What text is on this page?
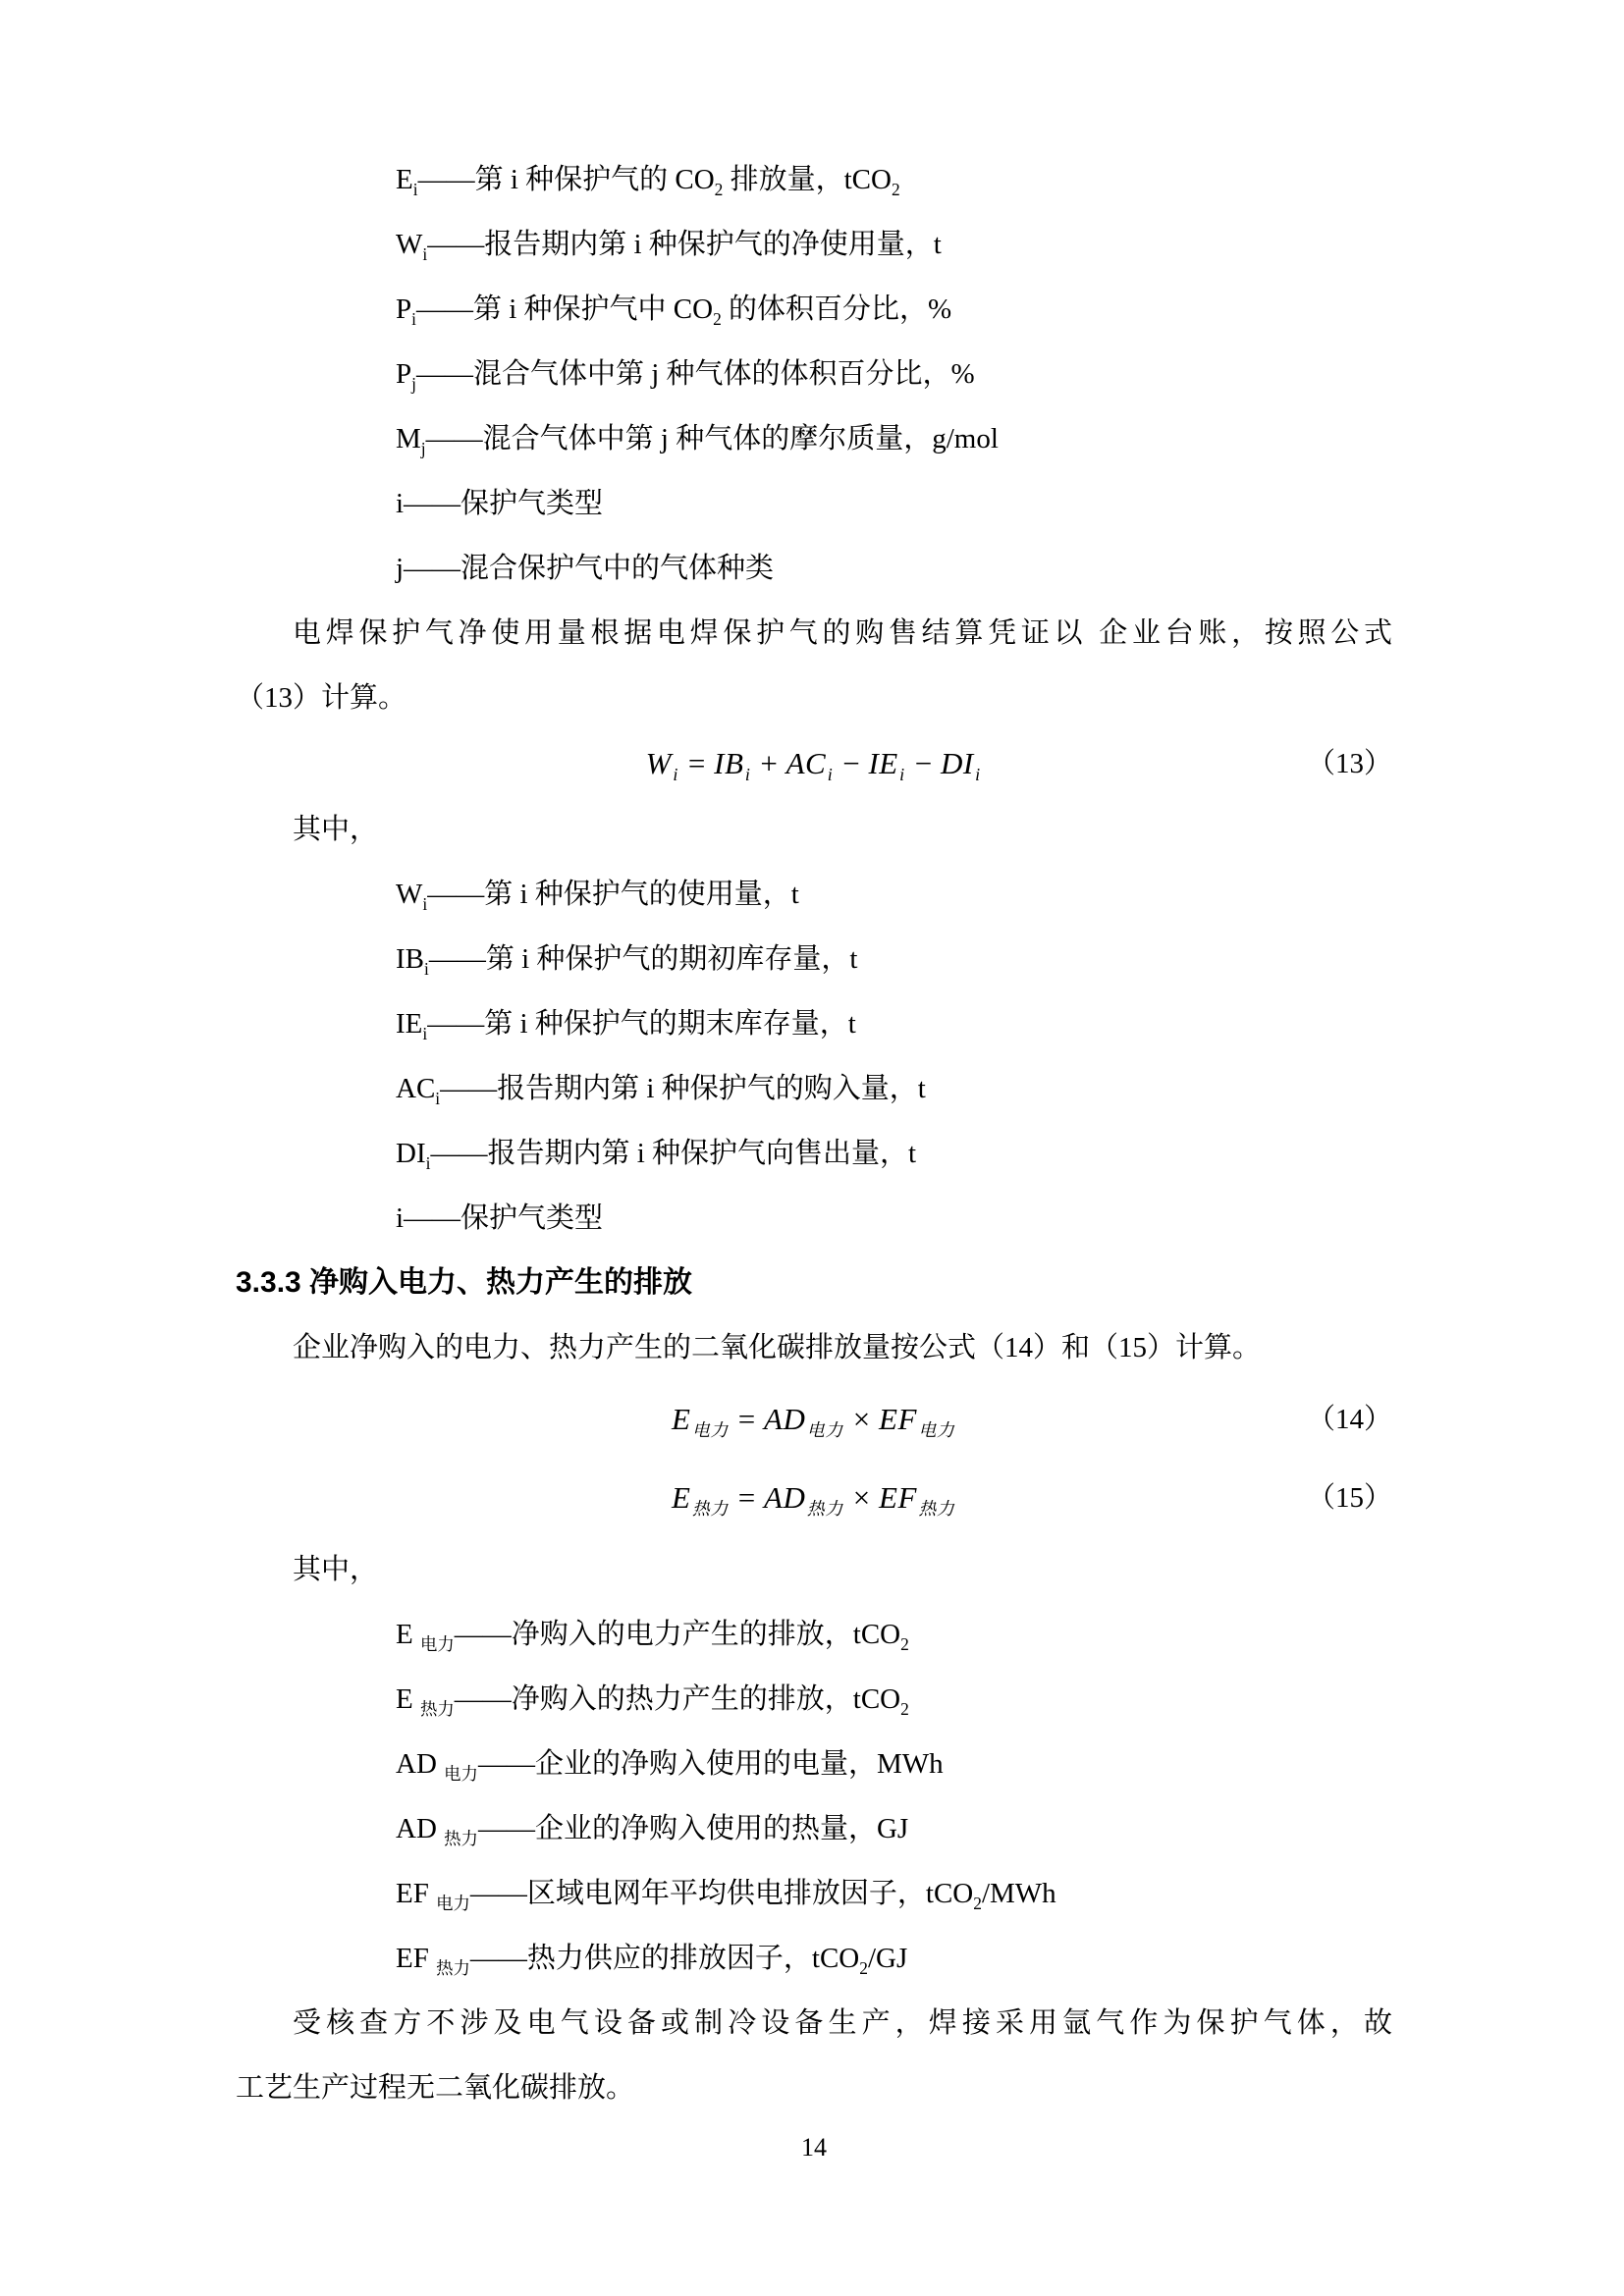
$E_i——$第 i 种保护气的 $CO_2$ 排放量，tCO$_2$
$W_i——$报告期内第 i 种保护气的净使用量，t
$P_i——$第 i 种保护气中 $CO_2$ 的体积百分比，%
$P_j——$混合气体中第 j 种气体的体积百分比，%
$M_j——$混合气体中第 j 种气体的摩尔质量，g/mol
i——保护气类型
j——混合保护气中的气体种类
电焊保护气净使用量根据电焊保护气的购售结算凭证以 企业台账，按照公式
（13）计算。
$W_i = IB_i + AC_i - IE_i - DI_i$	（13）
其中，
$W_i——$第 i 种保护气的使用量，t
$IB_i——$第 i 种保护气的期初库存量，t
$IE_i——$第 i 种保护气的期末库存量，t
$AC_i——$报告期内第 i 种保护气的购入量，t
$DI_i——$报告期内第 i 种保护气向售出量，t
i——保护气类型
3.3.3 净购入电力、热力产生的排放
企业净购入的电力、热力产生的二氧化碳排放量按公式（14）和（15）计算。
$E_{电力} = AD_{电力} \times EF_{电力}$	（14）
$E_{热力} = AD_{热力} \times EF_{热力}$	（15）
其中，
E $_{电力}$——净购入的电力产生的排放，tCO$_2$
E $_{热力}$——净购入的热力产生的排放，tCO$_2$
AD $_{电力}$——企业的净购入使用的电量，MWh
AD $_{热力}$——企业的净购入使用的热量，GJ
EF $_{电力}$——区域电网年平均供电排放因子，tCO$_2$/MWh
EF $_{热力}$——热力供应的排放因子，tCO$_2$/GJ
受核查方不涉及电气设备或制冷设备生产，焊接采用氩气作为保护气体，故
工艺生产过程无二氧化碳排放。
14
